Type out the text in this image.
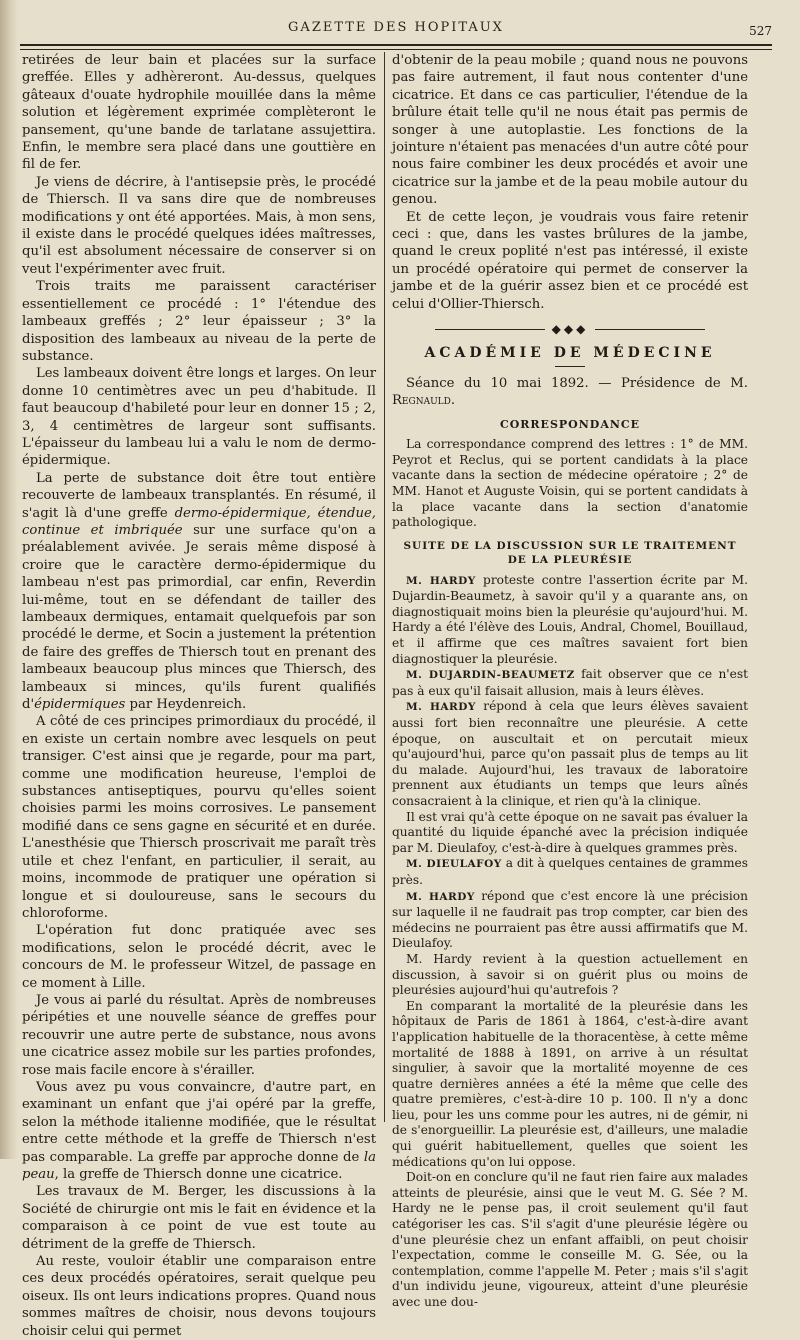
GAZETTE DES HOPITAUX	527

retirées de leur bain et placées sur la surface greffée. Elles y adhèreront. Au-dessus, quelques gâteaux d'ouate hydrophile mouillée dans la même solution et légèrement exprimée complèteront le pansement, qu'une bande de tarlatane assujettira. Enfin, le membre sera placé dans une gouttière en fil de fer.

Je viens de décrire, à l'antisepsie près, le procédé de Thiersch. Il va sans dire que de nombreuses modifications y ont été apportées. Mais, à mon sens, il existe dans le procédé quelques idées maîtresses, qu'il est absolument nécessaire de conserver si on veut l'expérimenter avec fruit.

Trois traits me paraissent caractériser essentiellement ce procédé : 1° l'étendue des lambeaux greffés ; 2° leur épaisseur ; 3° la disposition des lambeaux au niveau de la perte de substance.

Les lambeaux doivent être longs et larges. On leur donne 10 centimètres avec un peu d'habitude. Il faut beaucoup d'habileté pour leur en donner 15 ; 2, 3, 4 centimètres de largeur sont suffisants. L'épaisseur du lambeau lui a valu le nom de dermo-épidermique.

La perte de substance doit être tout entière recouverte de lambeaux transplantés. En résumé, il s'agit là d'une greffe dermo-épidermique, étendue, continue et imbriquée sur une surface qu'on a préalablement avivée. Je serais même disposé à croire que le caractère dermo-épidermique du lambeau n'est pas primordial, car enfin, Reverdin lui-même, tout en se défendant de tailler des lambeaux dermiques, entamait quelquefois par son procédé le derme, et Socin a justement la prétention de faire des greffes de Thiersch tout en prenant des lambeaux beaucoup plus minces que Thiersch, des lambeaux si minces, qu'ils furent qualifiés d'épidermiques par Heydenreich.

A côté de ces principes primordiaux du procédé, il en existe un certain nombre avec lesquels on peut transiger. C'est ainsi que je regarde, pour ma part, comme une modification heureuse, l'emploi de substances antiseptiques, pourvu qu'elles soient choisies parmi les moins corrosives. Le pansement modifié dans ce sens gagne en sécurité et en durée. L'anesthésie que Thiersch proscrivait me paraît très utile et chez l'enfant, en particulier, il serait, au moins, incommode de pratiquer une opération si longue et si douloureuse, sans le secours du chloroforme.

L'opération fut donc pratiquée avec ses modifications, selon le procédé décrit, avec le concours de M. le professeur Witzel, de passage en ce moment à Lille.

Je vous ai parlé du résultat. Après de nombreuses péripéties et une nouvelle séance de greffes pour recouvrir une autre perte de substance, nous avons une cicatrice assez mobile sur les parties profondes, rose mais facile encore à s'érailler.

Vous avez pu vous convaincre, d'autre part, en examinant un enfant que j'ai opéré par la greffe, selon la méthode italienne modifiée, que le résultat entre cette méthode et la greffe de Thiersch n'est pas comparable. La greffe par approche donne de la peau, la greffe de Thiersch donne une cicatrice.

Les travaux de M. Berger, les discussions à la Société de chirurgie ont mis le fait en évidence et la comparaison à ce point de vue est toute au détriment de la greffe de Thiersch.

Au reste, vouloir établir une comparaison entre ces deux procédés opératoires, serait quelque peu oiseux. Ils ont leurs indications propres. Quand nous sommes maîtres de choisir, nous devons toujours choisir celui qui permet

d'obtenir de la peau mobile ; quand nous ne pouvons pas faire autrement, il faut nous contenter d'une cicatrice. Et dans ce cas particulier, l'étendue de la brûlure était telle qu'il ne nous était pas permis de songer à une autoplastie. Les fonctions de la jointure n'étaient pas menacées d'un autre côté pour nous faire combiner les deux procédés et avoir une cicatrice sur la jambe et de la peau mobile autour du genou.

Et de cette leçon, je voudrais vous faire retenir ceci : que, dans les vastes brûlures de la jambe, quand le creux poplité n'est pas intéressé, il existe un procédé opératoire qui permet de conserver la jambe et de la guérir assez bien et ce procédé est celui d'Ollier-Thiersch.

◆◆◆
ACADÉMIE DE MÉDECINE

Séance du 10 mai 1892. — Présidence de M. Regnauld.

CORRESPONDANCE

La correspondance comprend des lettres : 1° de MM. Peyrot et Reclus, qui se portent candidats à la place vacante dans la section de médecine opératoire ; 2° de MM. Hanot et Auguste Voisin, qui se portent candidats à la place vacante dans la section d'anatomie pathologique.

SUITE DE LA DISCUSSION SUR LE TRAITEMENT DE LA PLEURÉSIE

M. HARDY proteste contre l'assertion écrite par M. Dujardin-Beaumetz, à savoir qu'il y a quarante ans, on diagnostiquait moins bien la pleurésie qu'aujourd'hui. M. Hardy a été l'élève des Louis, Andral, Chomel, Bouillaud, et il affirme que ces maîtres savaient fort bien diagnostiquer la pleurésie.

M. DUJARDIN-BEAUMETZ fait observer que ce n'est pas à eux qu'il faisait allusion, mais à leurs élèves.

M. HARDY répond à cela que leurs élèves savaient aussi fort bien reconnaître une pleurésie. A cette époque, on auscultait et on percutait mieux qu'aujourd'hui, parce qu'on passait plus de temps au lit du malade. Aujourd'hui, les travaux de laboratoire prennent aux étudiants un temps que leurs aînés consacraient à la clinique, et rien qu'à la clinique.

Il est vrai qu'à cette époque on ne savait pas évaluer la quantité du liquide épanché avec la précision indiquée par M. Dieulafoy, c'est-à-dire à quelques grammes près.

M. DIEULAFOY a dit à quelques centaines de grammes près.

M. HARDY répond que c'est encore là une précision sur laquelle il ne faudrait pas trop compter, car bien des médecins ne pourraient pas être aussi affirmatifs que M. Dieulafoy.

M. Hardy revient à la question actuellement en discussion, à savoir si on guérit plus ou moins de pleurésies aujourd'hui qu'autrefois ?

En comparant la mortalité de la pleurésie dans les hôpitaux de Paris de 1861 à 1864, c'est-à-dire avant l'application habituelle de la thoracentèse, à cette même mortalité de 1888 à 1891, on arrive à un résultat singulier, à savoir que la mortalité moyenne de ces quatre dernières années a été la même que celle des quatre premières, c'est-à-dire 10 p. 100. Il n'y a donc lieu, pour les uns comme pour les autres, ni de gémir, ni de s'enorgueillir. La pleurésie est, d'ailleurs, une maladie qui guérit habituellement, quelles que soient les médications qu'on lui oppose.

Doit-on en conclure qu'il ne faut rien faire aux malades atteints de pleurésie, ainsi que le veut M. G. Sée ? M. Hardy ne le pense pas, il croit seulement qu'il faut catégoriser les cas. S'il s'agit d'une pleurésie légère ou d'une pleurésie chez un enfant affaibli, on peut choisir l'expectation, comme le conseille M. G. Sée, ou la contemplation, comme l'appelle M. Peter ; mais s'il s'agit d'un individu jeune, vigoureux, atteint d'une pleurésie avec une dou-
